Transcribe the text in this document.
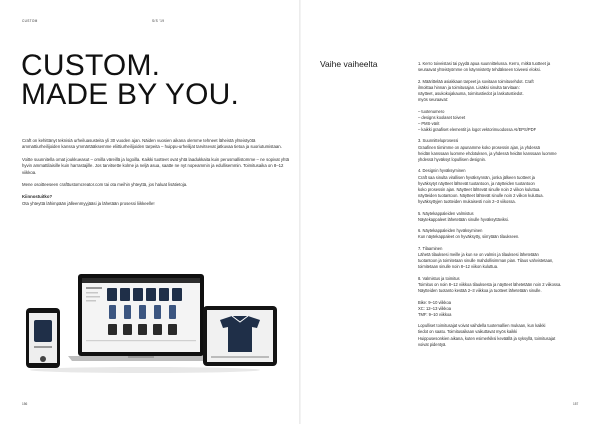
CUSTOM	S/S '19
CUSTOM.
MADE BY YOU.

Craft on kehittänyt teknisiä urheiluasusteita yli 30 vuoden ajan. Näiden vuosien aikana olemme tehneet läheistä yhteistyötä ammattiurheilijoiden kanssa ymmärtääksemme eliittiurheilijoiden tarpeita – huippu-urheilijat tarvitsevat jatkuvaa tietoa ja suoriutumistaan.

Voitte suunnitella omat joukkueasut – omilla väreillä ja logoilla. Kaikki tuotteet ovat yhtä laadukkaita kuin perusmallistomme – ne sopivat yhtä hyvin ammattilaisille kuin harrastajille. Jos tarvitsette kolme ja neljä asua, saatte ne nyt nopeammin ja edullisemmin. Toimitusaika on 8–12 viikkoa.

Mene osoitteeseen crafttustomcreator.com tai ota meihin yhteyttä, jos haluat lisätietoja.

Kiinnostuitko?

Ota yhteyttä lähimpään jälleenmyyjääsi ja lähetään prosessi liikkeelle!

156
Vaihe vaiheelta	1. Kerro toiveistasi tai pyydä apua suunnittelussa. Kerro, mitkä tuotteet ja
seuraavat yhteistyömme on käynnistetty tehdäkseen toiveesi eloksi.
2. Määrittelää asiakkaan tarpeet ja sovitaan toimitusehdot. Craft
ilmoittaa hinnan ja toimitusajan. Lisäksi sinulta tarvitaan:
näytteet, asukokojakauma, toimitustiedot ja laskutustiedot.
myös seuraavat:
– tuotenumero
– designs koolaset toiveet
– PMS-värit
– kaikki graafiset elementit ja logot vektorimuodossa AI/EPS/PDF
3. Suunnitteluprosessi
Graafinen tiimimme on apunamme koko prosessin ajan, ja yhdessä
heidän kanssaan luomme ehdotuksen, ja yhdessä heidän kanssaan luomme
yhdessä hyväksyt lopullisen designin.
4. Designin hyväksyminen
Craft saa sinulta virallisen hyväksynnän, jonka jälkeen tuotteet ja
hyväksytyt näytteet lähtevät tuotantoon, ja näytteiden tuotantoon
koko prosessin ajan. Näytteet lähtevät sinulle noin 2 viikon kuluttua.
näytteiden tuotantoon. Näytteet lähtevät sinulle noin 2 viikon kuluttua.
hyväksyttyjen tuotteiden mukaisesti noin 2–3 viikossa.
5. Näytekappaleiden valmistus
Näytekappaleet lähetetään sinulle hyväksyttäviksi.
6. Näytekappaleiden hyväksyminen
Kun näytekappaleet on hyväksytty, siirrytään tilaukseen.
7. Tilaaminen
Lähetä tilauksesi meille ja kun se on valmis ja tilauksesi lähetetään
tuotantoon ja toimitetaan sinulle mahdollisimman pian. Tilaus vahvistetaan,
toimitetaan sinulle noin 8–12 viikon kuluttua.
8. Valmistus ja toimitus
Toimitus on noin 8–12 viikkoa tilauksesta ja näytteet lähetetään noin 2 viikossa.
Näytteiden tuotanto kestää 2–3 viikkoa ja tuotteet lähetetään sinulle.
Bike: 9–10 viikkoa
XC: 12–13 viikkoa
TMF: 9–10 viikkoa
Lopulliset toimitusajat voivat vaihdella tuotemallien mukaan, kun kaikki
tiedot on saatu. Toimitusaikaan vaikuttavat myös kaikki
Huippusesonkien aikana, kuten esimerkiksi keväällä ja syksyllä, toimitusajat
voivat pidentyä.
157
